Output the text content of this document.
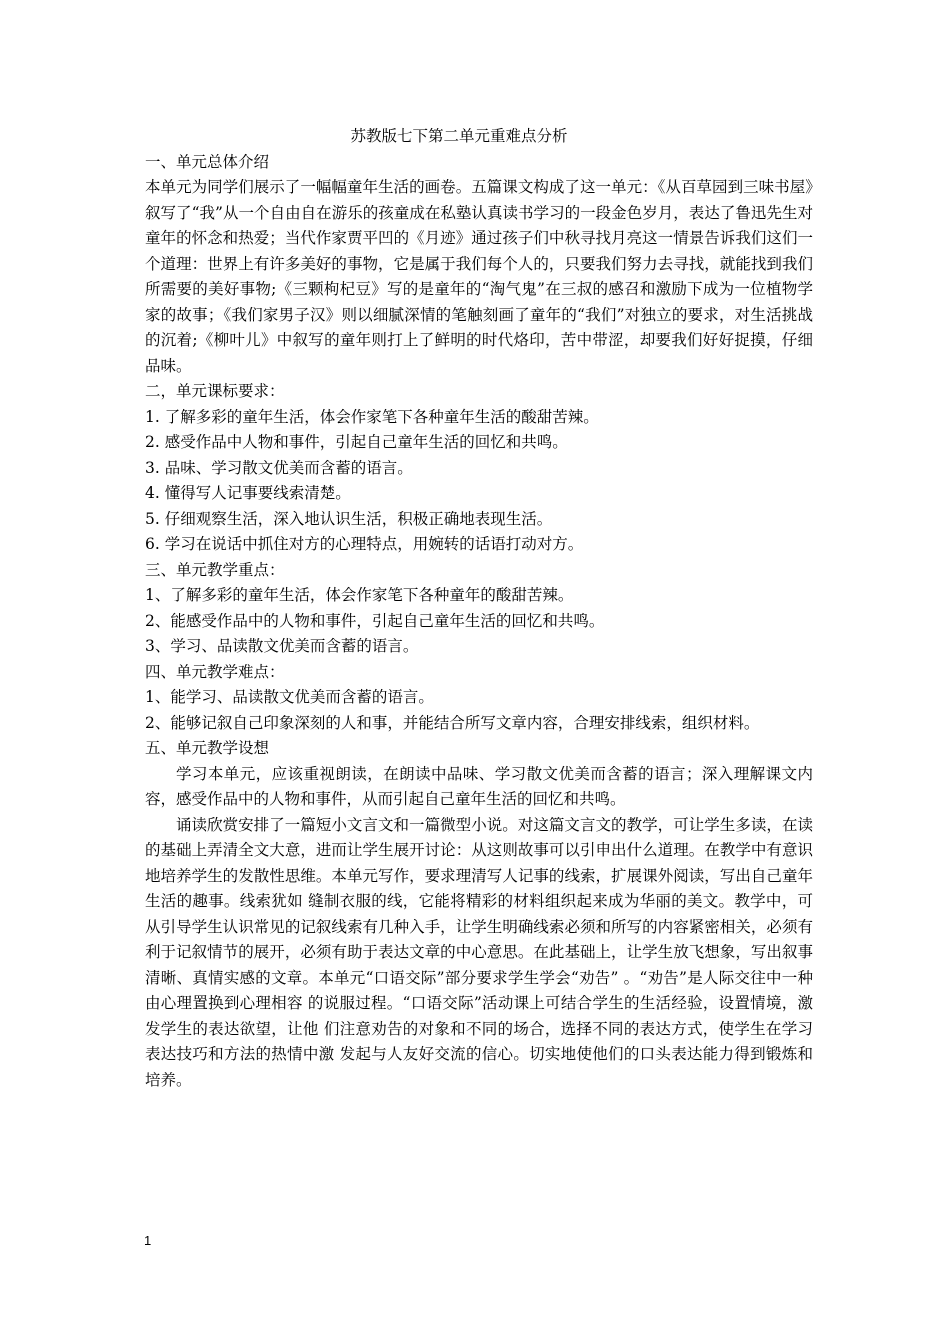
苏教版七下第二单元重难点分析
一、单元总体介绍
本单元为同学们展示了一幅幅童年生活的画卷。五篇课文构成了这一单元：《从百草园到三味书屋》叙写了“我”从一个自由自在游乐的孩童成在私塾认真读书学习的一段金色岁月，表达了鲁迅先生对童年的怀念和热爱；当代作家贾平凹的《月迹》通过孩子们中秋寻找月亮这一情景告诉我们这们一个道理：世界上有许多美好的事物，它是属于我们每个人的，只要我们努力去寻找，就能找到我们所需要的美好事物;《三颗枸杞豆》写的是童年的“淘气鬼”在三叔的感召和激励下成为一位植物学家的故事；《我们家男子汉》则以细腻深情的笔触刻画了童年的“我们”对独立的要求，对生活挑战的沉着;《柳叶儿》中叙写的童年则打上了鲜明的时代烙印，苦中带涩，却要我们好好捉摸，仔细品味。
二，单元课标要求：
1. 了解多彩的童年生活，体会作家笔下各种童年生活的酸甜苦辣。
2. 感受作品中人物和事件，引起自己童年生活的回忆和共鸣。
3. 品味、学习散文优美而含蓄的语言。
4. 懂得写人记事要线索清楚。
5. 仔细观察生活，深入地认识生活，积极正确地表现生活。
6. 学习在说话中抓住对方的心理特点，用婉转的话语打动对方。
三、单元教学重点：
1、了解多彩的童年生活，体会作家笔下各种童年的酸甜苦辣。
2、能感受作品中的人物和事件，引起自己童年生活的回忆和共鸣。
3、学习、品读散文优美而含蓄的语言。
四、单元教学难点：
1、能学习、品读散文优美而含蓄的语言。
2、能够记叙自己印象深刻的人和事，并能结合所写文章内容，合理安排线索，组织材料。
五、单元教学设想
学习本单元，应该重视朗读，在朗读中品味、学习散文优美而含蓄的语言；深入理解课文内容，感受作品中的人物和事件，从而引起自己童年生活的回忆和共鸣。
诵读欣赏安排了一篇短小文言文和一篇微型小说。对这篇文言文的教学，可让学生多读，在读的基础上弄清全文大意，进而让学生展开讨论：从这则故事可以引申出什么道理。在教学中有意识地培养学生的发散性思维。本单元写作，要求理清写人记事的线索，扩展课外阅读，写出自己童年生活的趣事。线索犹如 缝制衣服的线，它能将精彩的材料组织起来成为华丽的美文。教学中，可从引导学生认识常见的记叙线索有几种入手，让学生明确线索必须和所写的内容紧密相关，必须有利于记叙情节的展开，必须有助于表达文章的中心意思。在此基础上，让学生放飞想象，写出叙事清晰、真情实感的文章。本单元“口语交际”部分要求学生学会“劝告” 。“劝告”是人际交往中一种由心理置换到心理相容 的说服过程。“口语交际”活动课上可结合学生的生活经验，设置情境，激发学生的表达欲望，让他 们注意劝告的对象和不同的场合，选择不同的表达方式，使学生在学习表达技巧和方法的热情中激 发起与人友好交流的信心。切实地使他们的口头表达能力得到锻炼和培养。
1
